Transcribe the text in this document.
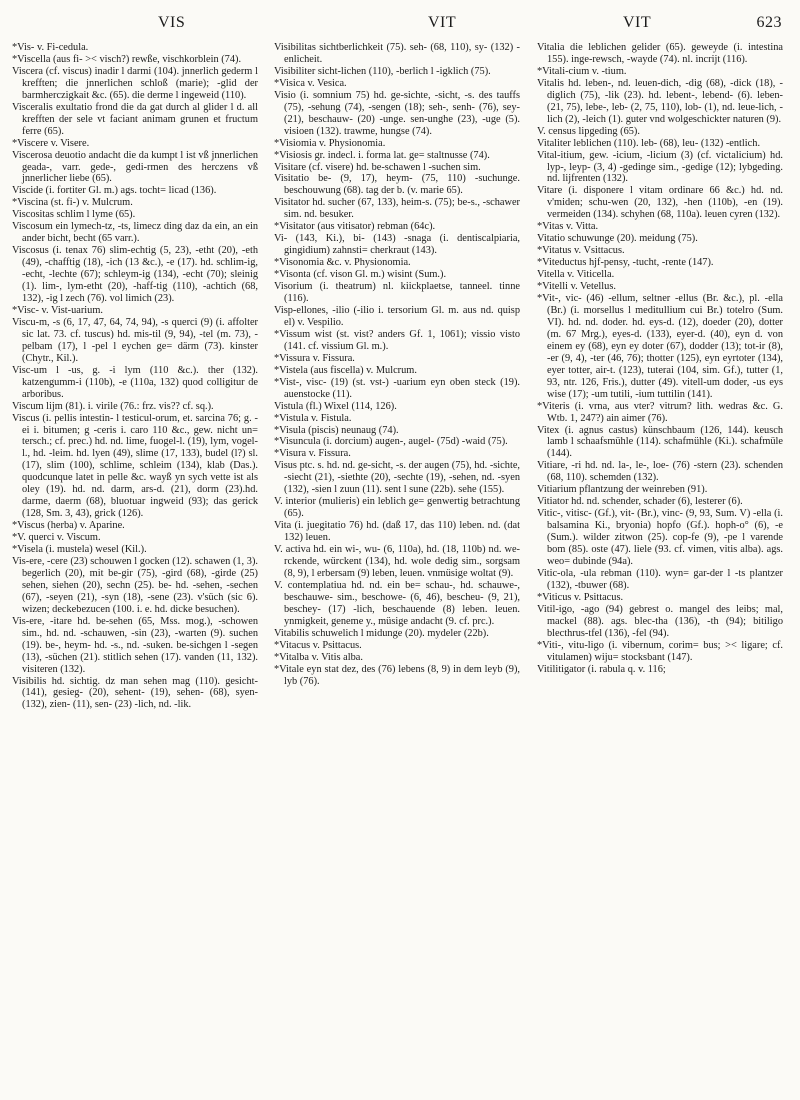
VIS	VIT	VIT	623

*Vis- v. Fi-cedula.

*Viscella (aus fi- >< visch?) rewße, vischkorblein (74).

Viscera (cf. viscus) inadir l darmi (104). jnnerlich gederm l krefften; die jnnerlichen schloß (marie); -glid der barmherczigkait &c. (65). die derme l ingeweid (110).

Visceralis exultatio frond die da gat durch al glider l d. all krefften der sele vt faciant animam grunen et fructum ferre (65).

*Viscere v. Visere.

Viscerosa deuotio andacht die da kumpt l ist vß jnnerlichen geada-, varr. gede-, gedi-rmen des herczens vß jnnerlicher liebe (65).

Viscide (i. fortiter Gl. m.) ags. tocht= licad (136).

*Viscina (st. fi-) v. Mulcrum.

Viscositas schlim l lyme (65).

Viscosum ein lymech-tz, -ts, limecz ding daz da ein, an ein ander bicht, becht (65 varr.).

Viscosus (i. tenax 76) slim-echtig (5, 23), -etht (20), -eth (49), -chafftig (18), -ich (13 &c.), -e (17). hd. schlim-ig, -echt, -lechte (67); schleym-ig (134), -echt (70); sleinig (1). lim-, lym-etht (20), -haff-tig (110), -achtich (68, 132), -ig l zech (76). vol limich (23).

*Visc- v. Vist-uarium.

Viscu-m, -s (6, 17, 47, 64, 74, 94), -s querci (9) (i. affolter sic lat. 73. cf. tuscus) hd. mis-til (9, 94), -tel (m. 73), -pelbam (17), l -pel l eychen ge= därm (73). kinster (Chytr., Kil.).

Visc-um l -us, g. -i lym (110 &c.). ther (132). katzengumm-i (110b), -e (110a, 132) quod colligitur de arboribus.

Viscum lijm (81). i. virile (76.: frz. vis?? cf. sq.).

Viscus (i. pellis intestin- l testicul-orum, et. sarcina 76; g. -ei i. bitumen; g -ceris i. caro 110 &c., gew. nicht un= tersch.; cf. prec.) hd. nd. lime, fuogel-l. (19), lym, vogel-l., hd. -leim. hd. lyen (49), slime (17, 133), budel (l?) sl. (17), slim (100), schlime, schleim (134), klab (Das.). quodcunque latet in pelle &c. wayß yn sych vette ist als oley (19). hd. nd. darm, ars-d. (21), dorm (23).hd. darme, daerm (68), bluotuar ingweid (93); das gerick (128, Sm. 3, 43), grick (126).

*Viscus (herba) v. Aparine.

*V. querci v. Viscum.

*Visela (i. mustela) wesel (Kil.).

Vis-ere, -cere (23) schouwen l gocken (12). schawen (1, 3). begerlich (20), mit be-gir (75), -gird (68), -girde (25) sehen, siehen (20), sechn (25). be- hd. -sehen, -sechen (67), -seyen (21), -syn (18), -sene (23). v'süch (sic 6). wizen; deckebezucen (100. i. e. hd. dicke besuchen).

Vis-ere, -itare hd. be-sehen (65, Mss. mog.), -schowen sim., hd. nd. -schauwen, -sin (23), -warten (9). suchen (19). be-, heym- hd. -s., nd. -suken. be-sichgen l -segen (13), -süchen (21). stitlich sehen (17). vanden (11, 132). visiteren (132).

Visibilis hd. sichtig. dz man sehen mag (110). gesicht- (141), gesieg- (20), sehent- (19), sehen- (68), syen- (132), zien- (11), sen- (23) -lich, nd. -lik.

Visibilitas sichtberlichkeit (75). seh- (68, 110), sy- (132) -enlicheit.

Visibiliter sicht-lichen (110), -berlich l -igklich (75).

*Visica v. Vesica.

Visio (i. somnium 75) hd. ge-sichte, -sicht, -s. des tauffs (75), -sehung (74), -sengen (18); seh-, senh- (76), sey- (21), beschauw- (20) -unge. sen-unghe (23), -uge (5). visioen (132). trawme, hungse (74).

*Visiomia v. Physionomia.

*Visiosis gr. indecl. i. forma lat. ge= staltnusse (74).

Visitare (cf. visere) hd. be-schawen l -suchen sim.

Visitatio be- (9, 17), heym- (75, 110) -suchunge. beschouwung (68). tag der b. (v. marie 65).

Visitator hd. sucher (67, 133), heim-s. (75); be-s., -schawer sim. nd. besuker.

*Visitator (aus vitisator) rebman (64c).

Vi- (143, Ki.), bi- (143) -snaga (i. dentiscalpiaria, gingidium) zahnsti= cherkraut (143).

*Visonomia &c. v. Physionomia.

*Visonta (cf. vison Gl. m.) wisint (Sum.).

Visorium (i. theatrum) nl. kiickplaetse, tanneel. tinne (116).

Visp-ellones, -ilio (-ilio i. tersorium Gl. m. aus nd. quisp el) v. Vespilio.

*Vissum wist (st. vist? anders Gf. 1, 1061); vissio visto (141. cf. vissium Gl. m.).

*Vissura v. Fissura.

*Vistela (aus fiscella) v. Mulcrum.

*Vist-, visc- (19) (st. vst-) -uarium eyn oben steck (19). auenstocke (11).

Vistula (fl.) Wixel (114, 126).

*Vistula v. Fistula.

*Visula (piscis) neunaug (74).

*Visuncula (i. dorcium) augen-, augel- (75d) -waid (75).

*Visura v. Fissura.

Visus ptc. s. hd. nd. ge-sicht, -s. der augen (75), hd. -sichte, -siecht (21), -siethte (20), -sechte (19), -sehen, nd. -syen (132), -sien l zuun (11). sent l sune (22b). sehe (155).

V. interior (mulieris) ein leblich ge= genwertig betrachtung (65).

Vita (i. juegitatio 76) hd. (daß 17, das 110) leben. nd. (dat 132) leuen.

V. activa hd. ein wi-, wu- (6, 110a), hd. (18, 110b) nd. we-rckende, würckent (134), hd. wole dedig sim., sorgsam (8, 9), l erbersam (9) leben, leuen. vnmüsige woltat (9).

V. contemplatiua hd. nd. ein be= schau-, hd. schauwe-, beschauwe- sim., beschowe- (6, 46), bescheu- (9, 21), beschey- (17) -lich, beschauende (8) leben. leuen. ynmigkeit, geneme y., müsige andacht (9. cf. prc.).

Vitabilis schuwelich l midunge (20). mydeler (22b).

*Vitacus v. Psittacus.

*Vitalba v. Vitis alba.

*Vitale eyn stat dez, des (76) lebens (8, 9) in dem leyb (9), lyb (76).

Vitalia die leblichen gelider (65). geweyde (i. intestina 155). inge-rewsch, -wayde (74). nl. incrijt (116).

*Vitali-cium v. -tium.

Vitalis hd. leben-, nd. leuen-dich, -dig (68), -dick (18), -diglich (75), -lik (23). hd. lebent-, lebend- (6). leben- (21, 75), lebe-, leb- (2, 75, 110), lob- (1), nd. leue-lich, -lich (2), -leich (1). guter vnd wolgeschickter naturen (9).

V. census lipgeding (65).

Vitaliter leblichen (110). leb- (68), leu- (132) -entlich.

Vital-itium, gew. -icium, -licium (3) (cf. victalicium) hd. lyp-, leyp- (3, 4) -gedinge sim., -gedige (12); lybgeding. nd. lijfrenten (132).

Vitare (i. disponere l vitam ordinare 66 &c.) hd. nd. v'miden; schu-wen (20, 132), -hen (110b), -en (19). vermeiden (134). schyhen (68, 110a). leuen cyren (132).

*Vitas v. Vitta.

Vitatio schuwunge (20). meidung (75).

*Vitatus v. Vsittacus.

*Viteductus hjf-pensy, -tucht, -rente (147).

Vitella v. Viticella.

*Vitelli v. Vetellus.

*Vit-, vic- (46) -ellum, seltner -ellus (Br. &c.), pl. -ella (Br.) (i. morsellus l meditullium cui Br.) totelro (Sum. VI). hd. nd. doder. hd. eys-d. (12), doeder (20), dotter (m. 67 Mrg.), eyes-d. (133), eyer-d. (40), eyn d. von einem ey (68), eyn ey doter (67), dodder (13); tot-ir (8), -er (9, 4), -ter (46, 76); thotter (125), eyn eyrtoter (134), eyer totter, air-t. (123), tuterai (104, sim. Gf.), tutter (1, 93, ntr. 126, Fris.), dutter (49). vitell-um doder, -us eys wise (17); -um tutili, -ium tuttilin (141).

*Viteris (i. vrna, aus vter? vitrum? lith. wedras &c. G. Wtb. 1, 247?) ain aimer (76).

Vitex (i. agnus castus) künschbaum (126, 144). keusch lamb l schaafsmühle (114). schafmühle (Ki.). schafmüle (144).

Vitiare, -ri hd. nd. la-, le-, loe- (76) -stern (23). schenden (68, 110). schemden (132).

Vitiarium pflantzung der weinreben (91).

Vitiator hd. nd. schender, schader (6), lesterer (6).

Vitic-, vitisc- (Gf.), vit- (Br.), vinc- (9, 93, Sum. V) -ella (i. balsamina Ki., bryonia) hopfo (Gf.). hoph-o° (6), -e (Sum.). wilder zitwon (25). cop-fe (9), -pe l varende bom (85). oste (47). liele (93. cf. vimen, vitis alba). ags. weo= dubinde (94a).

Vitic-ola, -ula rebman (110). wyn= gar-der l -ts plantzer (132), -tbuwer (68).

*Viticus v. Psittacus.

Vitil-igo, -ago (94) gebrest o. mangel des leibs; mal, mackel (88). ags. blec-tha (136), -th (94); bitiligo blecthrus-tfel (136), -fel (94).

*Viti-, vitu-ligo (i. vibernum, corim= bus; >< ligare; cf. vitulamen) wiju= stocksbant (147).

Vitilitigator (i. rabula q. v. 116;
